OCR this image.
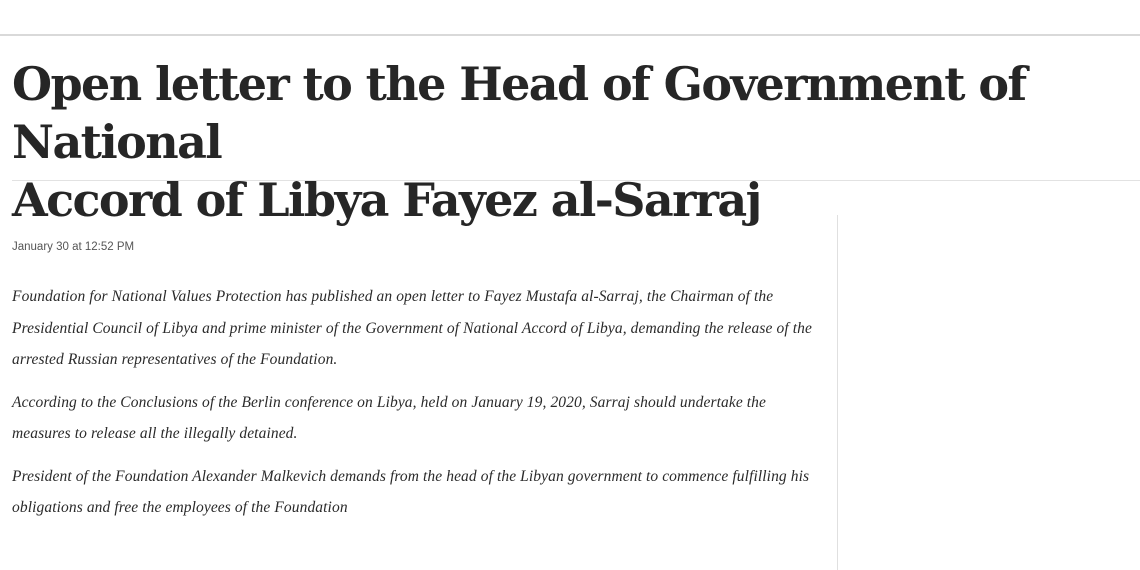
Open letter to the Head of Government of National
Accord of Libya Fayez al-Sarraj
January 30 at 12:52 PM

Foundation for National Values Protection has published an open letter to Fayez Mustafa al-Sarraj, the Chairman of the Presidential Council of Libya and prime minister of the Government of National Accord of Libya, demanding the release of the arrested Russian representatives of the Foundation.

According to the Conclusions of the Berlin conference on Libya, held on January 19, 2020, Sarraj should undertake the measures to release all the illegally detained.

President of the Foundation Alexander Malkevich demands from the head of the Libyan government to commence fulfilling his obligations and free the employees of the Foundation
